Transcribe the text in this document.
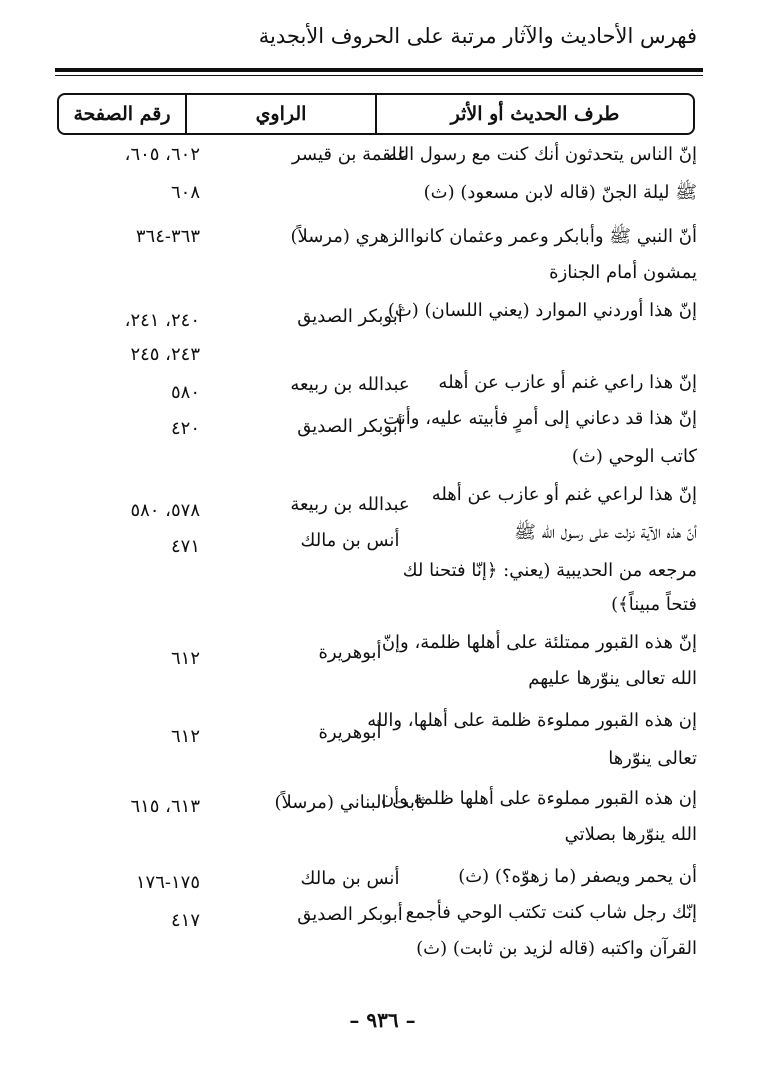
فهرس الأحاديث والآثار مرتبة على الحروف الأبجدية
طرف الحديث أو الأثر
الراوي
رقم الصفحة
إنّ الناس يتحدثون أنك كنت مع رسول الله
ﷺ ليلة الجنّ (قاله لابن مسعود) (ث)
علقمة بن قيسر
٦٠٢، ٦٠٥،
٦٠٨
أنّ النبي ﷺ وأبابكر وعمر وعثمان كانوا
يمشون أمام الجنازة
الزهري (مرسلاً)
٣٦٣-٣٦٤
إنّ هذا أوردني الموارد (يعني اللسان) (ث)
أبوبكر الصديق
٢٤٠، ٢٤١،
٢٤٣، ٢٤٥
إنّ هذا راعي غنم أو عازب عن أهله
عبدالله بن ربيعه
٥٨٠
إنّ هذا قد دعاني إلى أمرٍ فأبيته عليه، وأنت
كاتب الوحي (ث)
أبوبكر الصديق
٤٢٠
إنّ هذا لراعي غنم أو عازب عن أهله
عبدالله بن ربيعة
٥٧٨، ٥٨٠
أنّ هذه الآية نزلت على رسول الله ﷺ
مرجعه من الحديبية (يعني: ﴿إنّا فتحنا لك
فتحاً مبيناً﴾)
أنس بن مالك
٤٧١
إنّ هذه القبور ممتلئة على أهلها ظلمة، وإنّ
الله تعالى ينوّرها عليهم
أبوهريرة
٦١٢
إن هذه القبور مملوءة ظلمة على أهلها، والله
تعالى ينوّرها
أبوهريرة
٦١٢
إن هذه القبور مملوءة على أهلها ظلمة وأن
الله ينوّرها بصلاتي
ثابت البناني (مرسلاً)
٦١٣، ٦١٥
أن يحمر ويصفر (ما زهوّه؟) (ث)
أنس بن مالك
١٧٥-١٧٦
إنّك رجل شاب كنت تكتب الوحي فأجمع
القرآن واكتبه (قاله لزيد بن ثابت) (ث)
أبوبكر الصديق
٤١٧
– ٩٣٦ –
